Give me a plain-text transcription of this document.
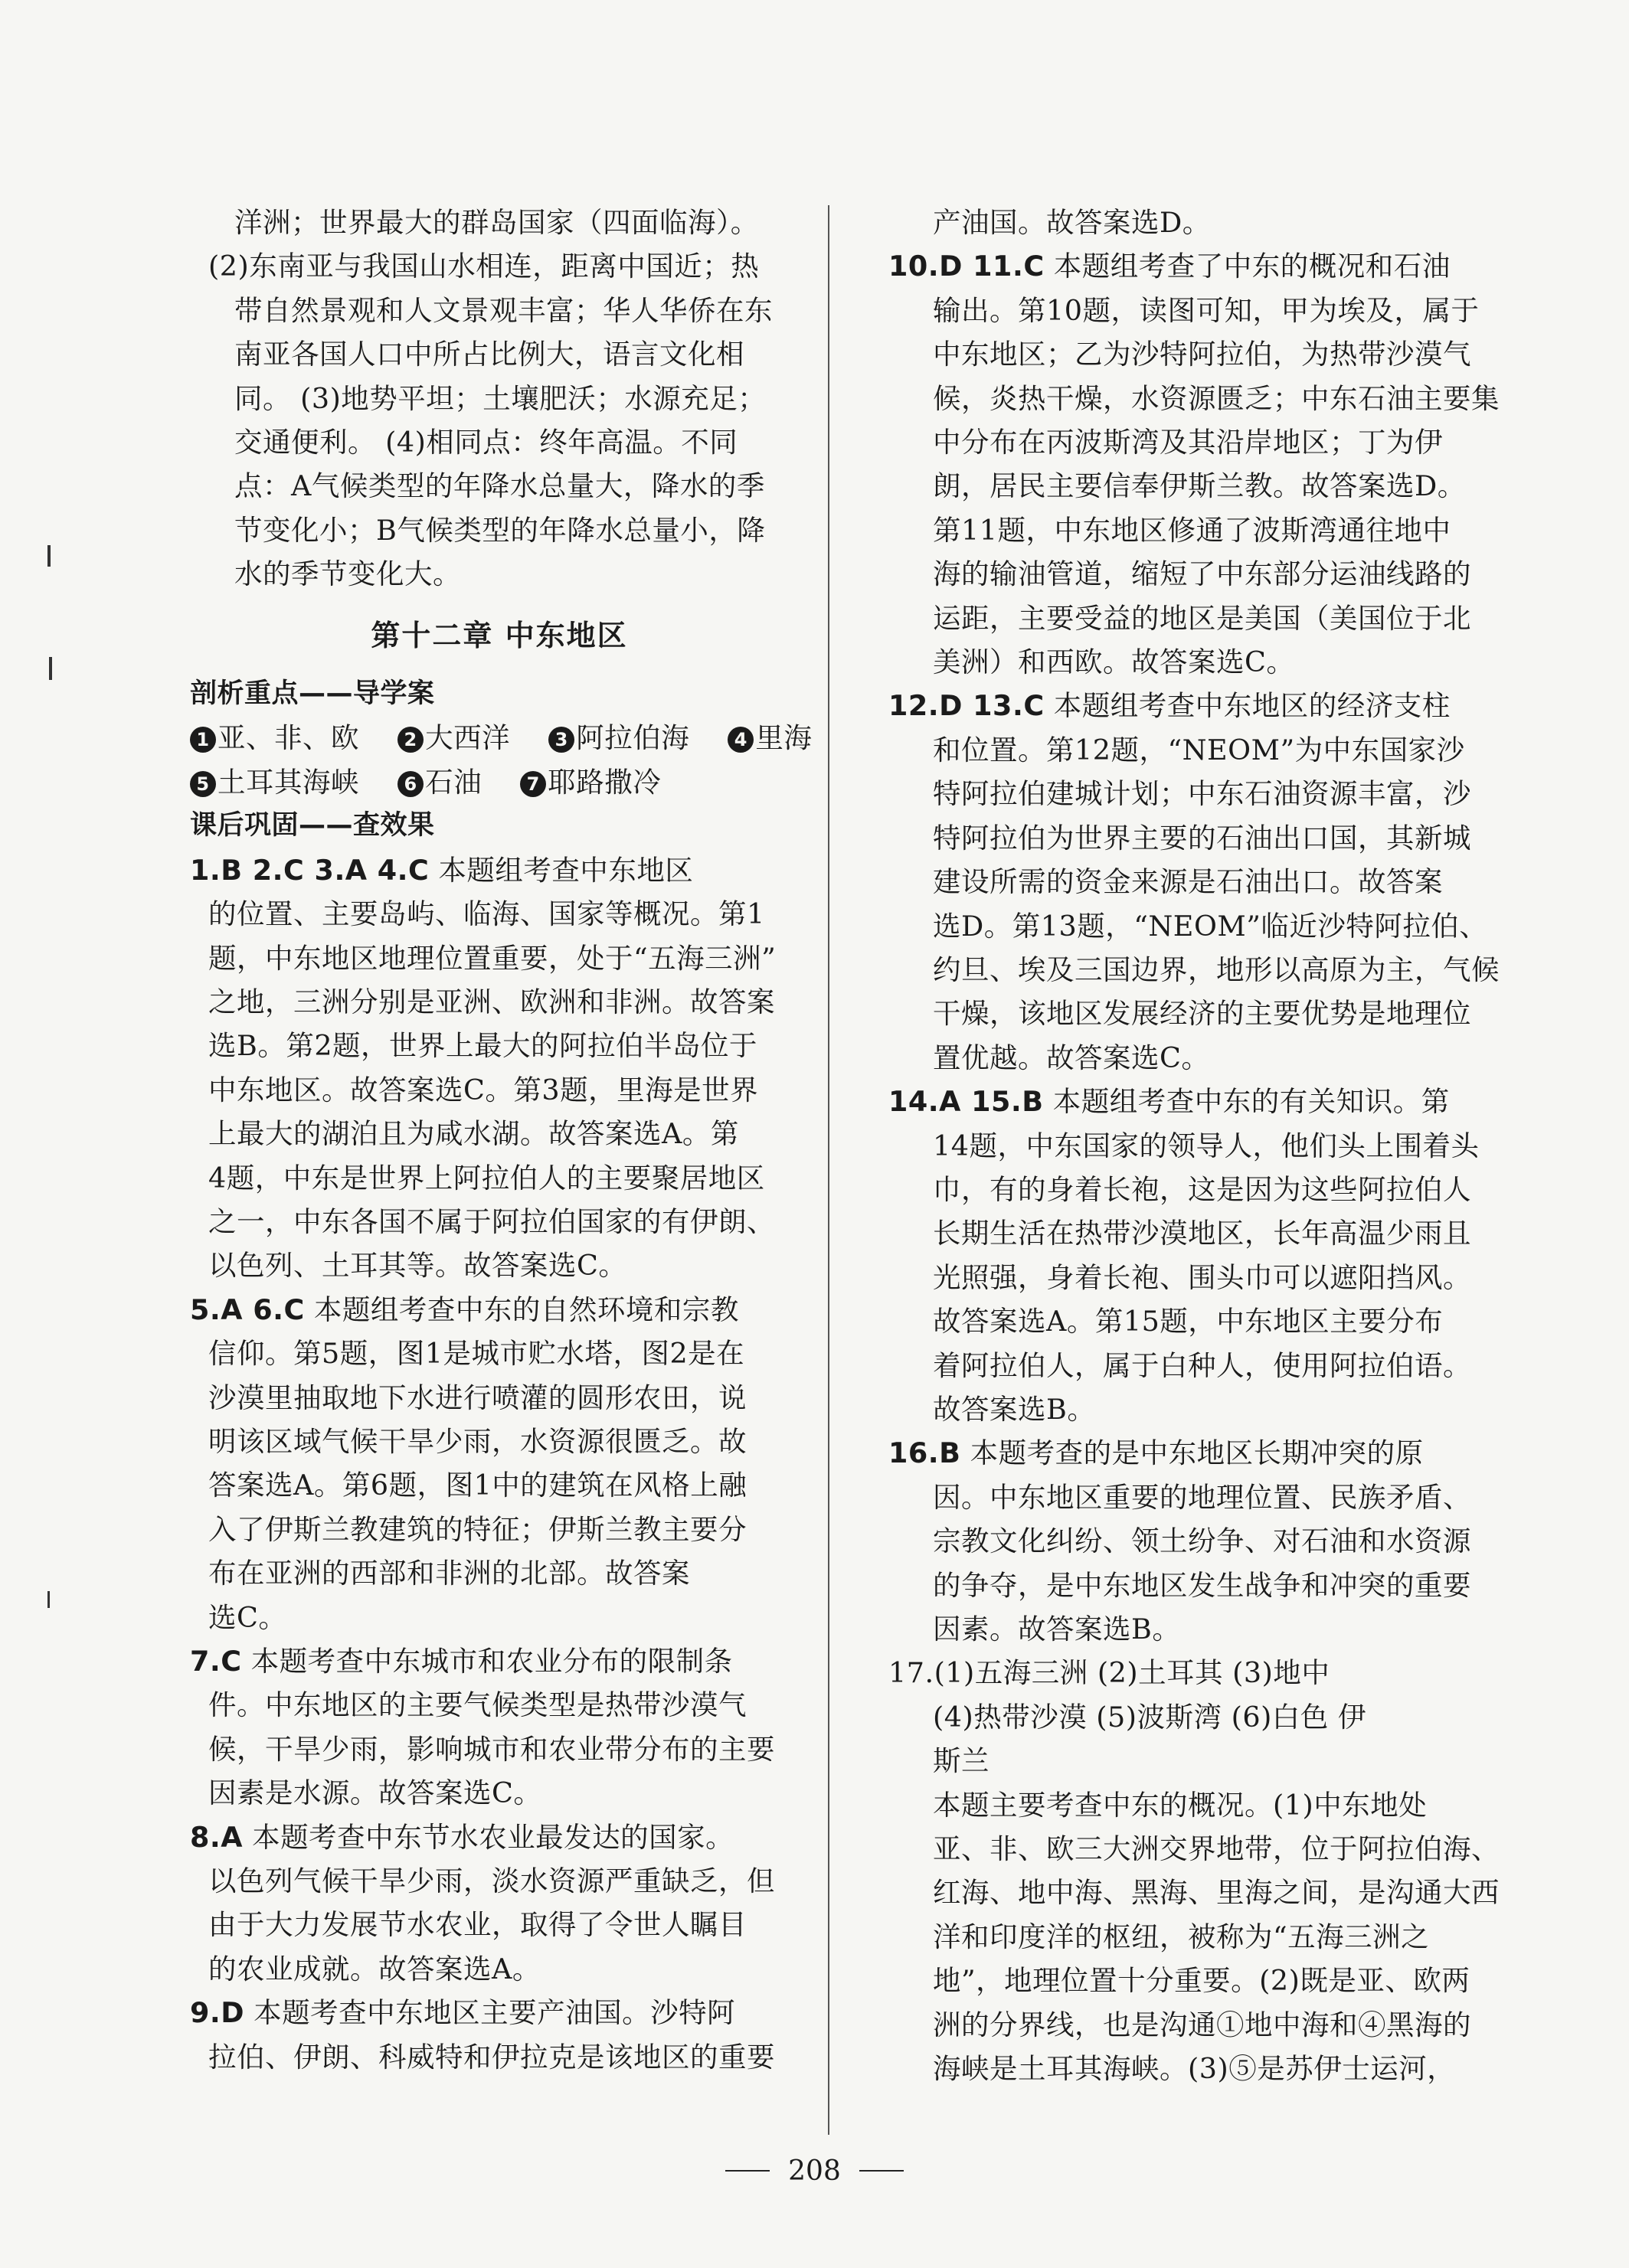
洋洲；世界最大的群岛国家（四面临海）。

(2)东南亚与我国山水相连，距离中国近；热

带自然景观和人文景观丰富；华人华侨在东

南亚各国人口中所占比例大，语言文化相

同。 (3)地势平坦；土壤肥沃；水源充足；

交通便利。 (4)相同点：终年高温。不同

点：A气候类型的年降水总量大，降水的季

节变化小；B气候类型的年降水总量小，降

水的季节变化大。

第十二章 中东地区

剖析重点——导学案

1 亚、非、欧 2 大西洋 3 阿拉伯海 4 里海
5 土耳其海峡 6 石油 7 耶路撒冷

课后巩固——查效果

1.B 2.C 3.A 4.C 本题组考查中东地区

的位置、主要岛屿、临海、国家等概况。第1

题，中东地区地理位置重要，处于“五海三洲”

之地，三洲分别是亚洲、欧洲和非洲。故答案

选B。第2题，世界上最大的阿拉伯半岛位于

中东地区。故答案选C。第3题，里海是世界

上最大的湖泊且为咸水湖。故答案选A。第

4题，中东是世界上阿拉伯人的主要聚居地区

之一，中东各国不属于阿拉伯国家的有伊朗、

以色列、土耳其等。故答案选C。

5.A 6.C 本题组考查中东的自然环境和宗教

信仰。第5题，图1是城市贮水塔，图2是在

沙漠里抽取地下水进行喷灌的圆形农田，说

明该区域气候干旱少雨，水资源很匮乏。故

答案选A。第6题，图1中的建筑在风格上融

入了伊斯兰教建筑的特征；伊斯兰教主要分

布在亚洲的西部和非洲的北部。故答案

选C。

7.C 本题考查中东城市和农业分布的限制条

件。中东地区的主要气候类型是热带沙漠气

候，干旱少雨，影响城市和农业带分布的主要

因素是水源。故答案选C。

8.A 本题考查中东节水农业最发达的国家。

以色列气候干旱少雨，淡水资源严重缺乏，但

由于大力发展节水农业，取得了令世人瞩目

的农业成就。故答案选A。

9.D 本题考查中东地区主要产油国。沙特阿

拉伯、伊朗、科威特和伊拉克是该地区的重要

产油国。故答案选D。

10.D 11.C 本题组考查了中东的概况和石油

输出。第10题，读图可知，甲为埃及，属于

中东地区；乙为沙特阿拉伯，为热带沙漠气

候，炎热干燥，水资源匮乏；中东石油主要集

中分布在丙波斯湾及其沿岸地区；丁为伊

朗，居民主要信奉伊斯兰教。故答案选D。

第11题，中东地区修通了波斯湾通往地中

海的输油管道，缩短了中东部分运油线路的

运距，主要受益的地区是美国（美国位于北

美洲）和西欧。故答案选C。

12.D 13.C 本题组考查中东地区的经济支柱

和位置。第12题，“NEOM”为中东国家沙

特阿拉伯建城计划；中东石油资源丰富，沙

特阿拉伯为世界主要的石油出口国，其新城

建设所需的资金来源是石油出口。故答案

选D。第13题，“NEOM”临近沙特阿拉伯、

约旦、埃及三国边界，地形以高原为主，气候

干燥，该地区发展经济的主要优势是地理位

置优越。故答案选C。

14.A 15.B 本题组考查中东的有关知识。第

14题，中东国家的领导人，他们头上围着头

巾，有的身着长袍，这是因为这些阿拉伯人

长期生活在热带沙漠地区，长年高温少雨且

光照强，身着长袍、围头巾可以遮阳挡风。

故答案选A。第15题，中东地区主要分布

着阿拉伯人，属于白种人，使用阿拉伯语。

故答案选B。

16.B 本题考查的是中东地区长期冲突的原

因。中东地区重要的地理位置、民族矛盾、

宗教文化纠纷、领土纷争、对石油和水资源

的争夺，是中东地区发生战争和冲突的重要

因素。故答案选B。

17.(1)五海三洲 (2)土耳其 (3)地中

(4)热带沙漠 (5)波斯湾 (6)白色 伊

斯兰

本题主要考查中东的概况。(1)中东地处

亚、非、欧三大洲交界地带，位于阿拉伯海、

红海、地中海、黑海、里海之间，是沟通大西

洋和印度洋的枢纽，被称为“五海三洲之

地”，地理位置十分重要。(2)既是亚、欧两

洲的分界线，也是沟通①地中海和④黑海的

海峡是土耳其海峡。(3)⑤是苏伊士运河，

208
